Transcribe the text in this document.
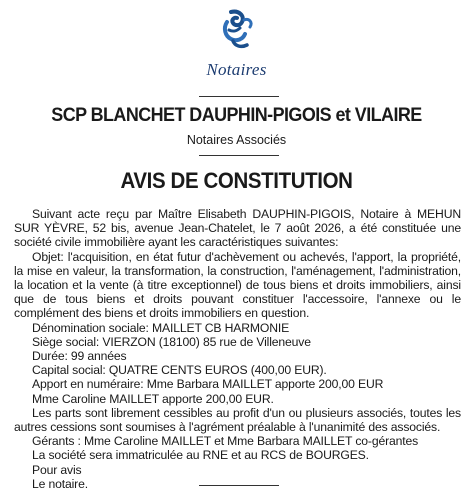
Notaires
SCP BLANCHET DAUPHIN-PIGOIS et VILAIRE
Notaires Associés
AVIS DE CONSTITUTION

Suivant acte reçu par Maître Elisabeth DAUPHIN-PIGOIS, Notaire à MEHUN SUR YÈVRE, 52 bis, avenue Jean-Chatelet, le 7 août 2026, a été constituée une société civile immobilière ayant les caractéristiques suivantes:

Objet: l'acquisition, en état futur d'achèvement ou achevés, l'apport, la propriété, la mise en valeur, la transformation, la construction, l'aménagement, l'administration, la location et la vente (à titre exceptionnel) de tous biens et droits immobiliers, ainsi que de tous biens et droits pouvant constituer l'accessoire, l'annexe ou le complément des biens et droits immobiliers en question.

Dénomination sociale: MAILLET CB HARMONIE

Siège social: VIERZON (18100) 85 rue de Villeneuve

Durée: 99 années

Capital social: QUATRE CENTS EUROS (400,00 EUR).

Apport en numéraire: Mme Barbara MAILLET apporte 200,00 EUR

Mme Caroline MAILLET apporte 200,00 EUR.

Les parts sont librement cessibles au profit d'un ou plusieurs associés, toutes les autres cessions sont soumises à l'agrément préalable à l'unanimité des associés.

Gérants : Mme Caroline MAILLET et Mme Barbara MAILLET co-gérantes

La société sera immatriculée au RNE et au RCS de BOURGES.

Pour avis

Le notaire.
